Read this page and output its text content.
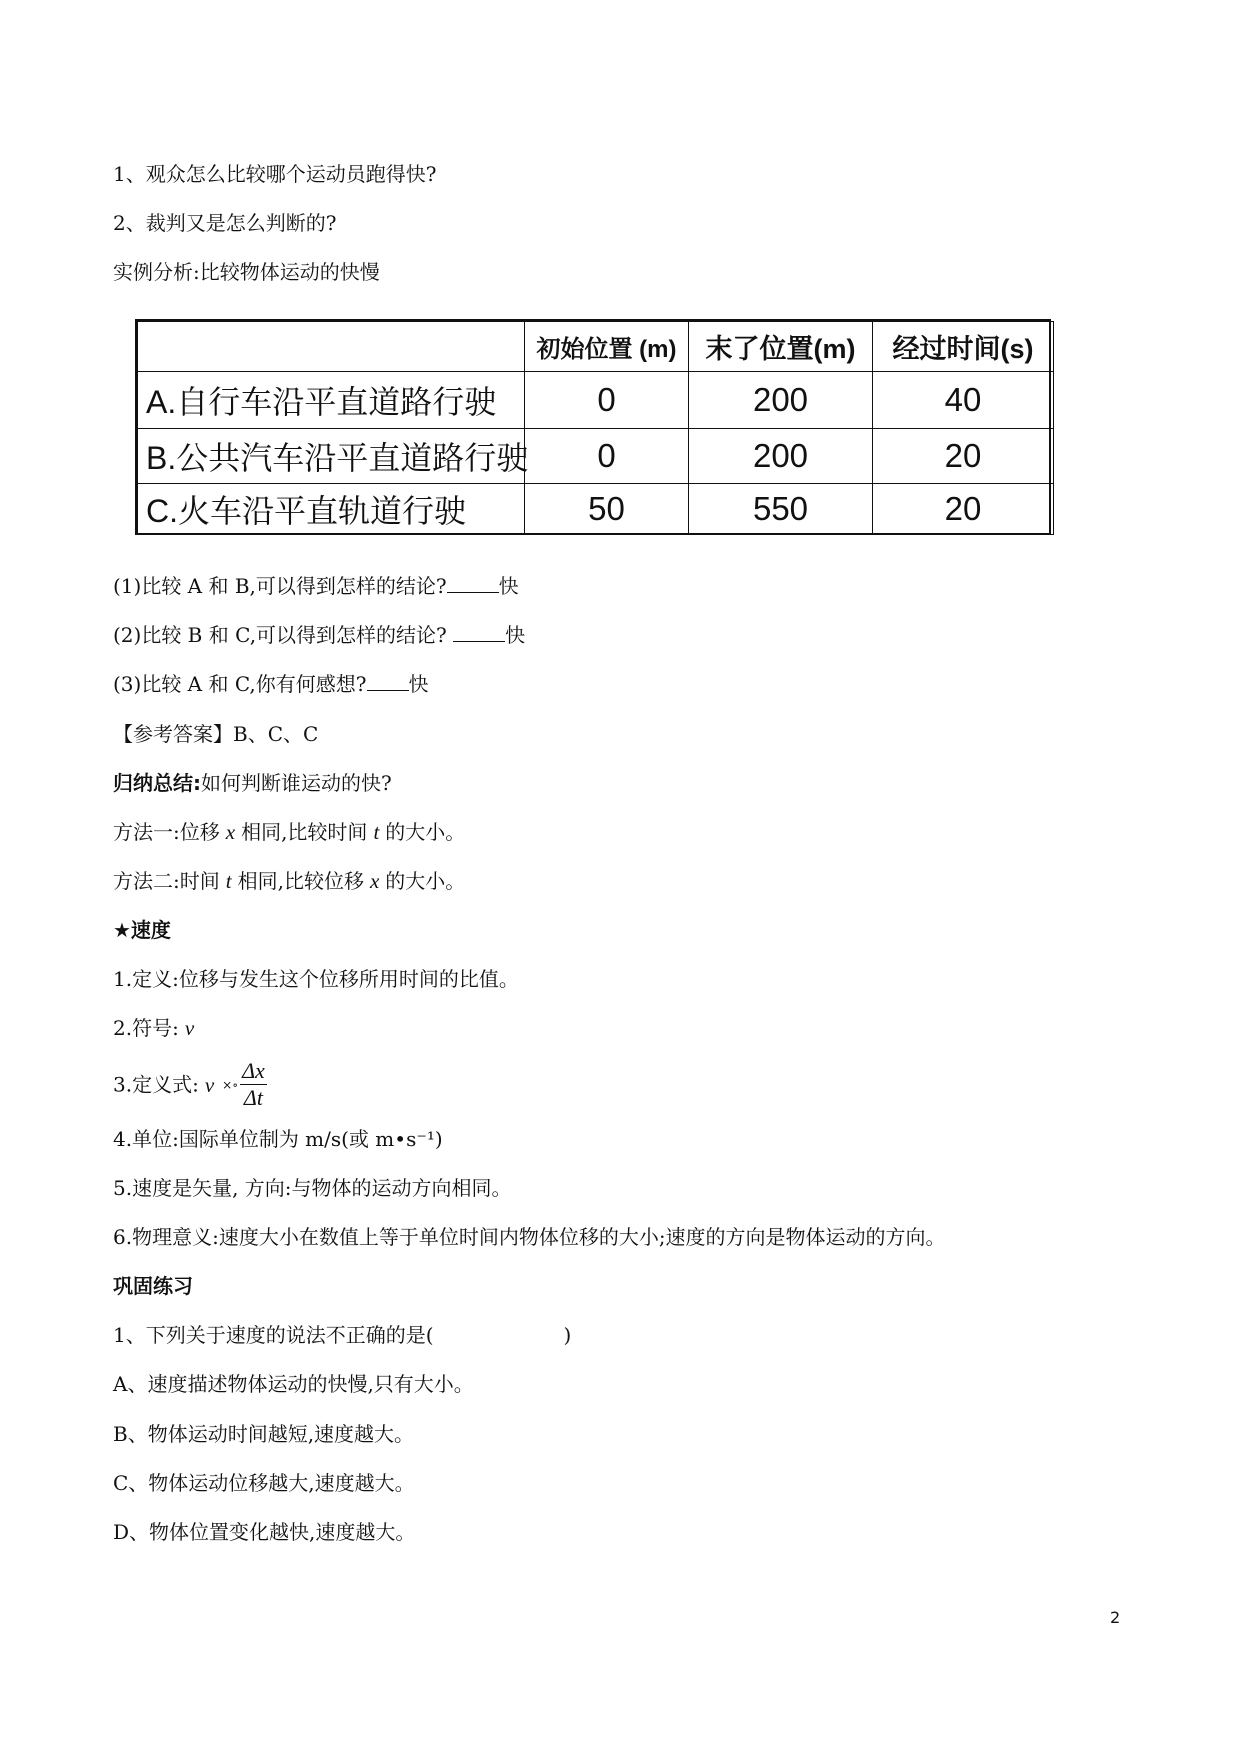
1、观众怎么比较哪个运动员跑得快?
2、裁判又是怎么判断的?
实例分析:比较物体运动的快慢
	初始位置 (m)	末了位置(m)	经过时间(s)
A.自行车沿平直道路行驶	0	200	40
B.公共汽车沿平直道路行驶	0	200	20
C.火车沿平直轨道行驶	50	550	20
(1)比较 A 和 B,可以得到怎样的结论?	快
(2)比较 B 和 C,可以得到怎样的结论?	快
(3)比较 A 和 C,你有何感想? 快
【参考答案】B、C、C
归纳总结:如何判断谁运动的快?
方法一:位移 x 相同,比较时间 t 的大小。
方法二:时间 t 相同,比较位移 x 的大小。
★速度
1.定义:位移与发生这个位移所用时间的比值。
2.符号: v
3.定义式: v ×∘ $\frac{\Delta x}{\Delta t}$
4.单位:国际单位制为 m/s(或 m•s⁻¹)
5.速度是矢量, 方向:与物体的运动方向相同。
6.物理意义:速度大小在数值上等于单位时间内物体位移的大小;速度的方向是物体运动的方向。
巩固练习
1、下列关于速度的说法不正确的是(	)
A、速度描述物体运动的快慢,只有大小。
B、物体运动时间越短,速度越大。
C、物体运动位移越大,速度越大。
D、物体位置变化越快,速度越大。
2
